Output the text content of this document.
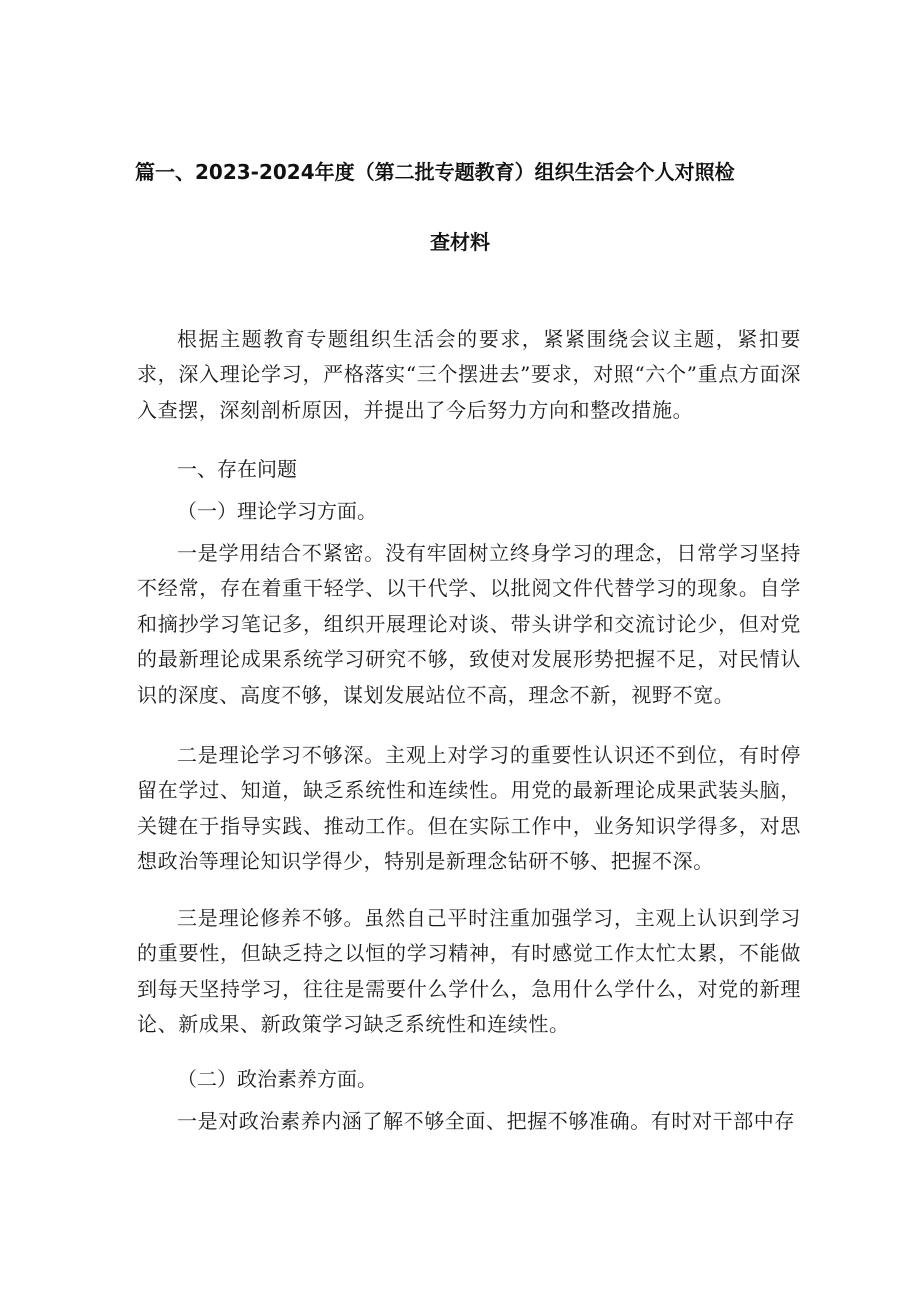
篇一、2023-2024年度（第二批专题教育）组织生活会个人对照检
查材料

根据主题教育专题组织生活会的要求，紧紧围绕会议主题，紧扣要求，深入理论学习，严格落实“三个摆进去”要求，对照“六个”重点方面深入查摆，深刻剖析原因，并提出了今后努力方向和整改措施。

一、存在问题
（一）理论学习方面。

一是学用结合不紧密。没有牢固树立终身学习的理念，日常学习坚持不经常，存在着重干轻学、以干代学、以批阅文件代替学习的现象。自学和摘抄学习笔记多，组织开展理论对谈、带头讲学和交流讨论少，但对党的最新理论成果系统学习研究不够，致使对发展形势把握不足，对民情认识的深度、高度不够，谋划发展站位不高，理念不新，视野不宽。

二是理论学习不够深。主观上对学习的重要性认识还不到位，有时停留在学过、知道，缺乏系统性和连续性。用党的最新理论成果武装头脑，关键在于指导实践、推动工作。但在实际工作中，业务知识学得多，对思想政治等理论知识学得少，特别是新理念钻研不够、把握不深。

三是理论修养不够。虽然自己平时注重加强学习，主观上认识到学习的重要性，但缺乏持之以恒的学习精神，有时感觉工作太忙太累，不能做到每天坚持学习，往往是需要什么学什么，急用什么学什么，对党的新理论、新成果、新政策学习缺乏系统性和连续性。

（二）政治素养方面。

一是对政治素养内涵了解不够全面、把握不够准确。有时对干部中存
